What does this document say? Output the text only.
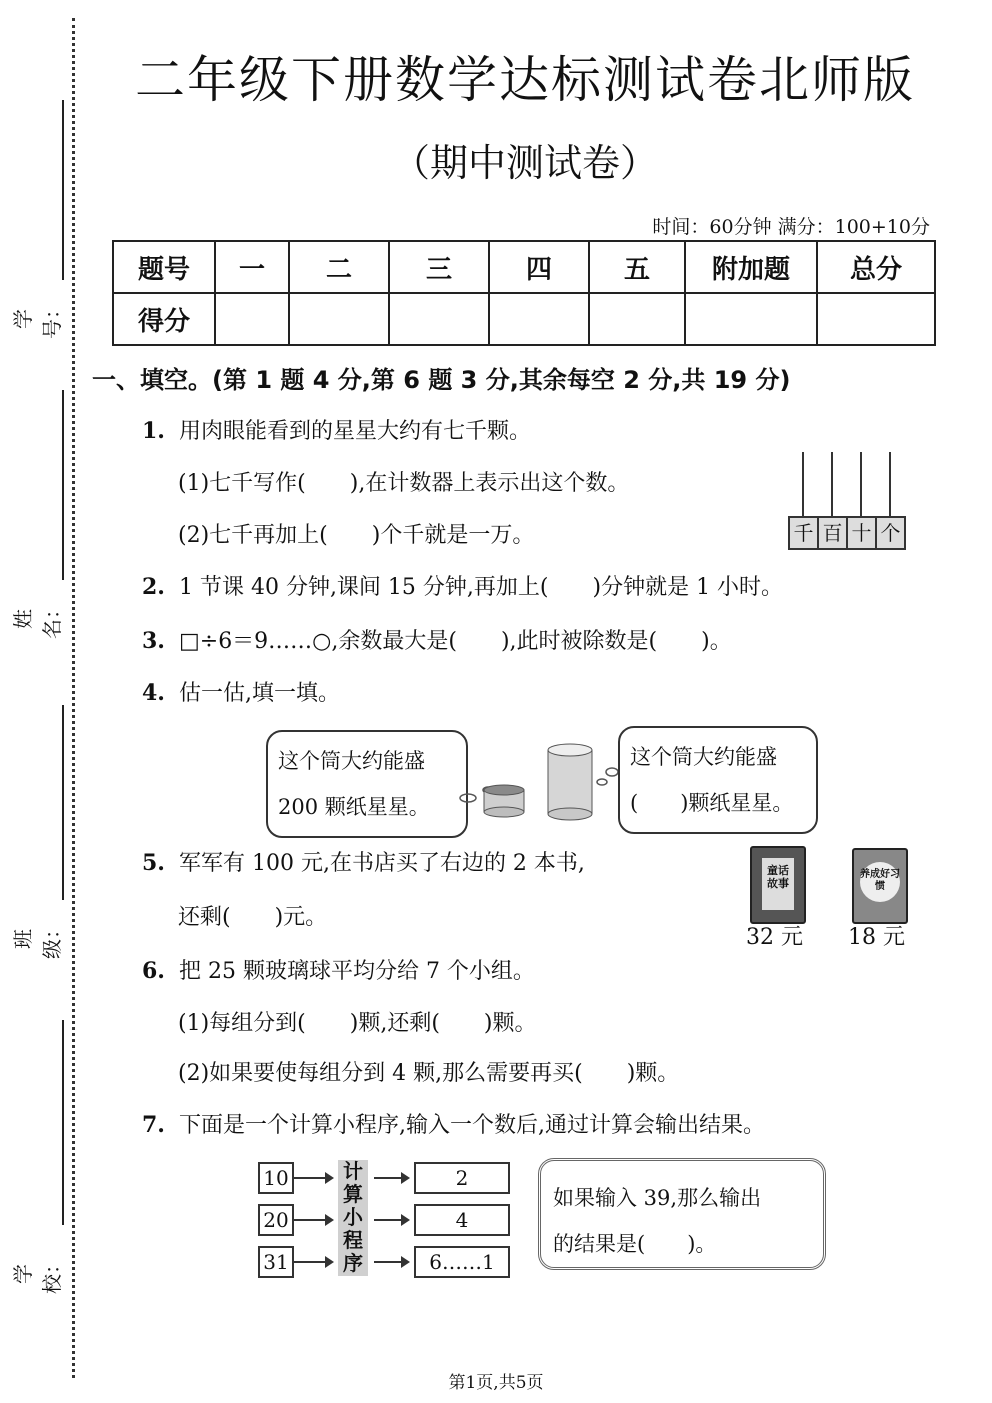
学号：
姓名：
班级：
学校：
二年级下册数学达标测试卷北师版
（期中测试卷）
时间：60分钟 满分：100+10分
题号	一	二	三	四	五	附加题	总分
得分							
一、填空。(第 1 题 4 分,第 6 题 3 分,其余每空 2 分,共 19 分)
1. 用肉眼能看到的星星大约有七千颗。
(1)七千写作(　　),在计数器上表示出这个数。
(2)七千再加上(　　)个千就是一万。	千 百 十 个
2. 1 节课 40 分钟,课间 15 分钟,再加上(　　)分钟就是 1 小时。
3. □÷6＝9……○,余数最大是(　　),此时被除数是(　　)。
4. 估一估,填一填。
这个筒大约能盛
200 颗纸星星。
这个筒大约能盛
(　　)颗纸星星。
5. 军军有 100 元,在书店买了右边的 2 本书,
还剩(　　)元。
童话故事
32 元
养成好习惯
18 元
6. 把 25 颗玻璃球平均分给 7 个小组。
(1)每组分到(　　)颗,还剩(　　)颗。
(2)如果要使每组分到 4 颗,那么需要再买(　　)颗。
7. 下面是一个计算小程序,输入一个数后,通过计算会输出结果。
10
20
31
计
算
小
程
序
2
4
6……1
如果输入 39,那么输出
的结果是(　　)。
第1页,共5页
